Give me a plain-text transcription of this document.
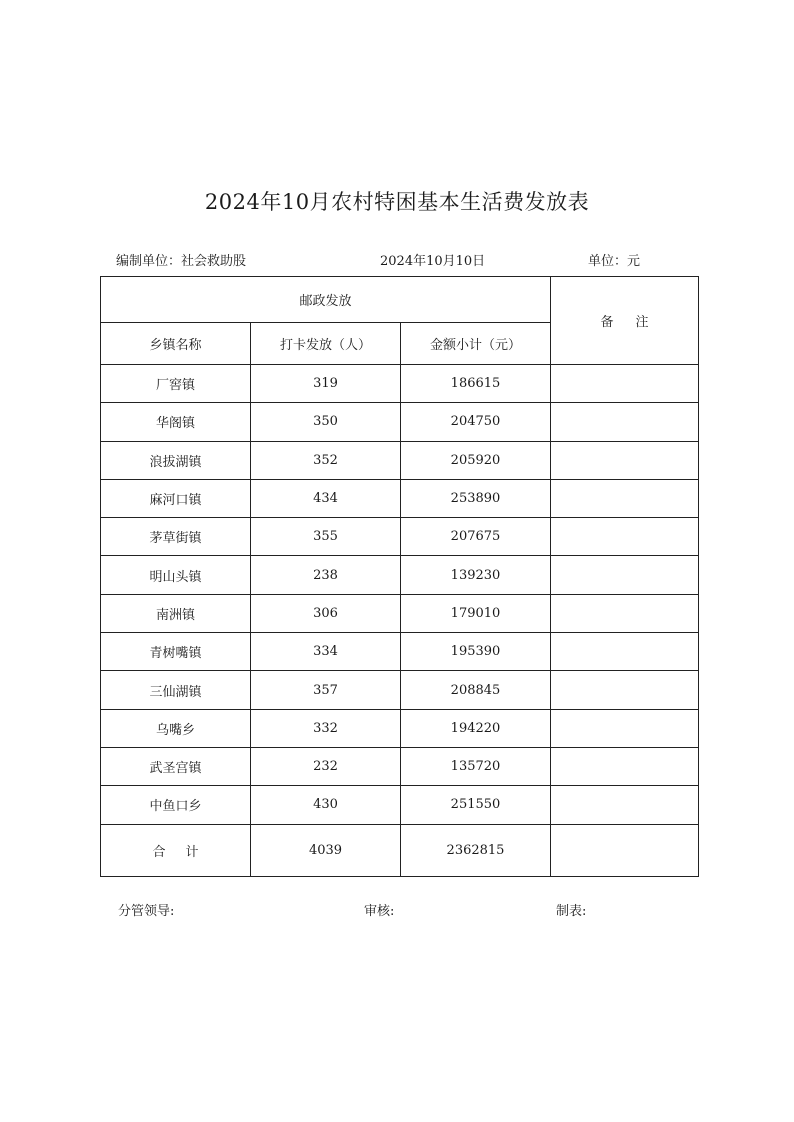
2024年10月农村特困基本生活费发放表
编制单位：社会救助股	2024年10月10日	单位：元
邮政发放			备注
乡镇名称	打卡发放（人）	金额小计（元）	
厂窖镇	319	186615	
华阁镇	350	204750	
浪拔湖镇	352	205920	
麻河口镇	434	253890	
茅草街镇	355	207675	
明山头镇	238	139230	
南洲镇	306	179010	
青树嘴镇	334	195390	
三仙湖镇	357	208845	
乌嘴乡	332	194220	
武圣宫镇	232	135720	
中鱼口乡	430	251550	
合计	4039	2362815	
分管领导:	审核:	制表:
